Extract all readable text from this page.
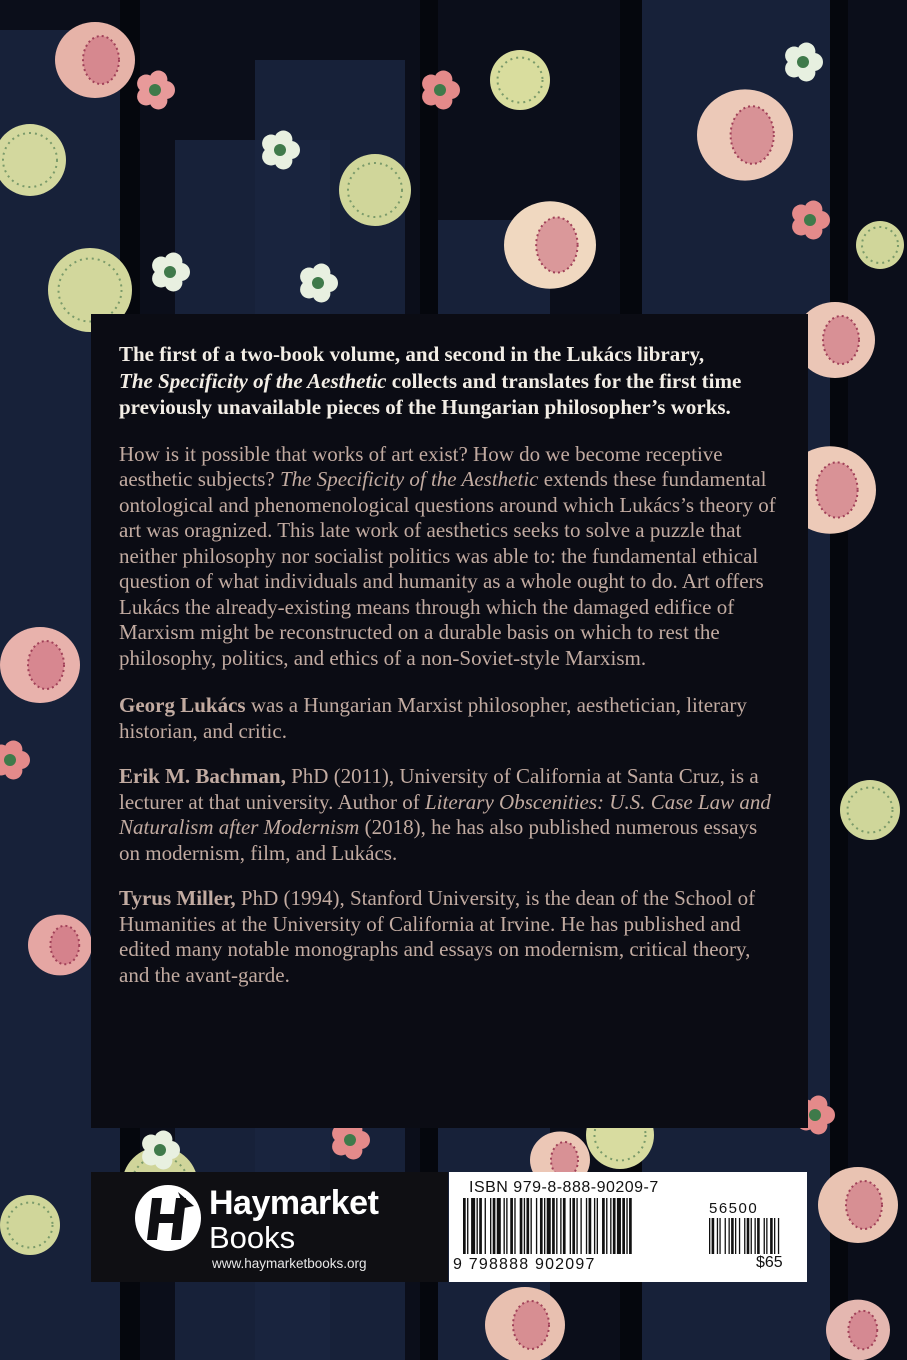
The first of a two-book volume, and second in the Lukács library,
The Specificity of the Aesthetic collects and translates for the first time previously unavailable pieces of the Hungarian philosopher’s works.

How is it possible that works of art exist? How do we become receptive aesthetic subjects? The Specificity of the Aesthetic extends these fundamental ontological and phenomenological questions around which Lukács’s theory of art was oragnized. This late work of aesthetics seeks to solve a puzzle that neither philosophy nor socialist politics was able to: the fundamental ethical question of what individuals and humanity as a whole ought to do. Art offers Lukács the already-existing means through which the damaged edifice of Marxism might be reconstructed on a durable basis on which to rest the philosophy, politics, and ethics of a non-Soviet-style Marxism.

Georg Lukács was a Hungarian Marxist philosopher, aesthetician, literary historian, and critic.

Erik M. Bachman, PhD (2011), University of California at Santa Cruz, is a lecturer at that university. Author of Literary Obscenities: U.S. Case Law and Naturalism after Modernism (2018), he has also published numerous essays on modernism, film, and Lukács.

Tyrus Miller, PhD (1994), Stanford University, is the dean of the School of Humanities at the University of California at Irvine. He has published and edited many notable monographs and essays on modernism, critical theory, and the avant-garde.

Haymarket
Books
www.haymarketbooks.org
ISBN 979-8-888-90209-7
56500
9 798888 902097	$65
